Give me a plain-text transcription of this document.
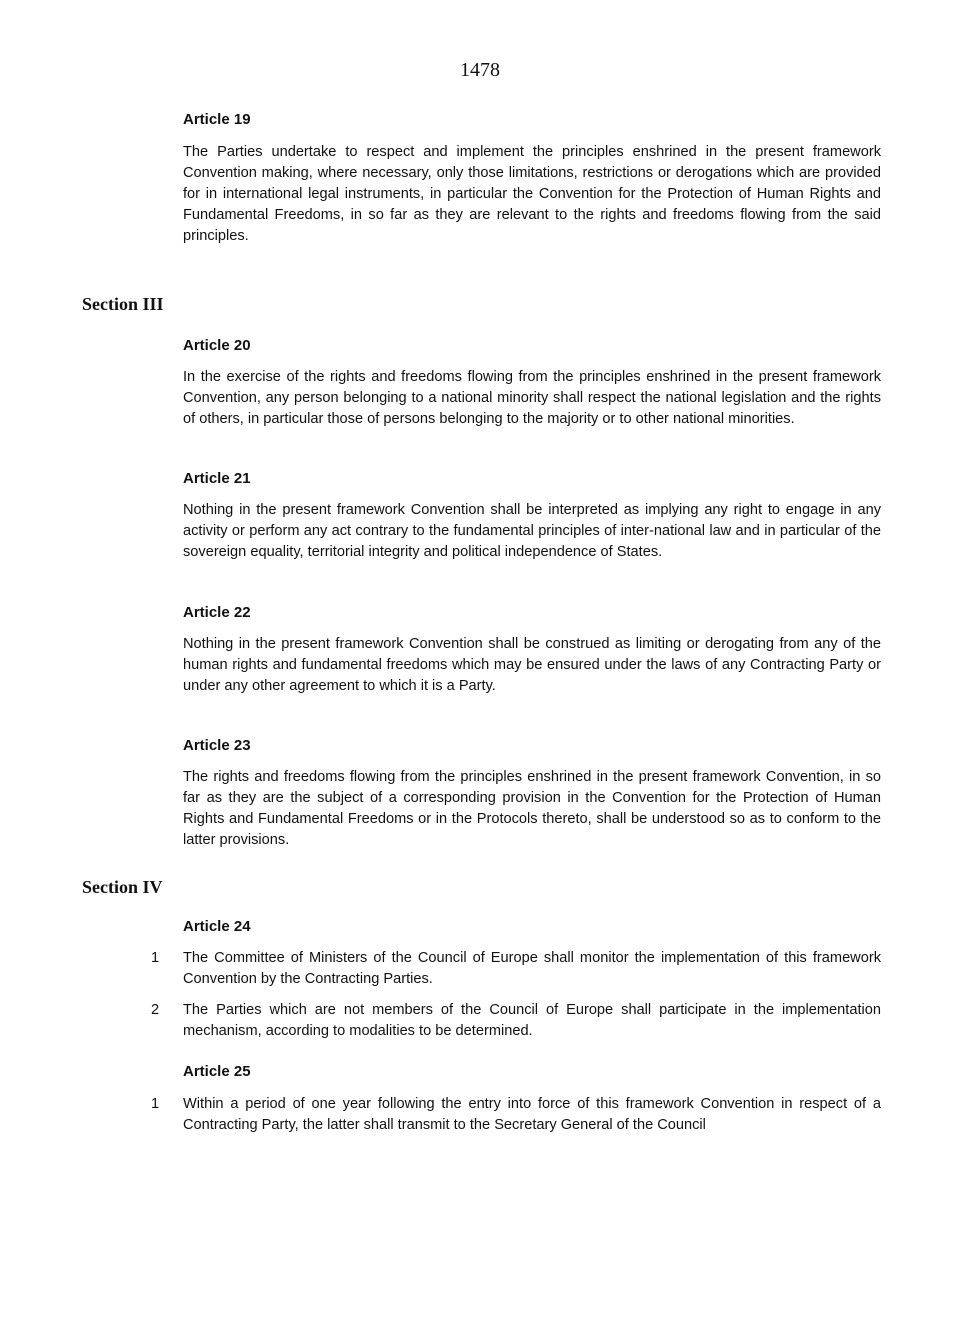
1478
Article 19

The Parties undertake to respect and implement the principles enshrined in the present framework Convention making, where necessary, only those limitations, restrictions or derogations which are provided for in international legal instruments, in particular the Convention for the Protection of Human Rights and Fundamental Freedoms, in so far as they are relevant to the rights and freedoms flowing from the said principles.

Section III
Article 20

In the exercise of the rights and freedoms flowing from the principles enshrined in the present framework Convention, any person belonging to a national minority shall respect the national legislation and the rights of others, in particular those of persons belonging to the majority or to other national minorities.

Article 21

Nothing in the present framework Convention shall be interpreted as implying any right to engage in any activity or perform any act contrary to the fundamental principles of inter-national law and in particular of the sovereign equality, territorial integrity and political independence of States.

Article 22

Nothing in the present framework Convention shall be construed as limiting or derogating from any of the human rights and fundamental freedoms which may be ensured under the laws of any Contracting Party or under any other agreement to which it is a Party.

Article 23

The rights and freedoms flowing from the principles enshrined in the present framework Convention, in so far as they are the subject of a corresponding provision in the Convention for the Protection of Human Rights and Fundamental Freedoms or in the Protocols thereto, shall be understood so as to conform to the latter provisions.

Section IV
Article 24
1 The Committee of Ministers of the Council of Europe shall monitor the implementation of this framework Convention by the Contracting Parties.

2 The Parties which are not members of the Council of Europe shall participate in the implementation mechanism, according to modalities to be determined.

Article 25
1 Within a period of one year following the entry into force of this framework Convention in respect of a Contracting Party, the latter shall transmit to the Secretary General of the Council
